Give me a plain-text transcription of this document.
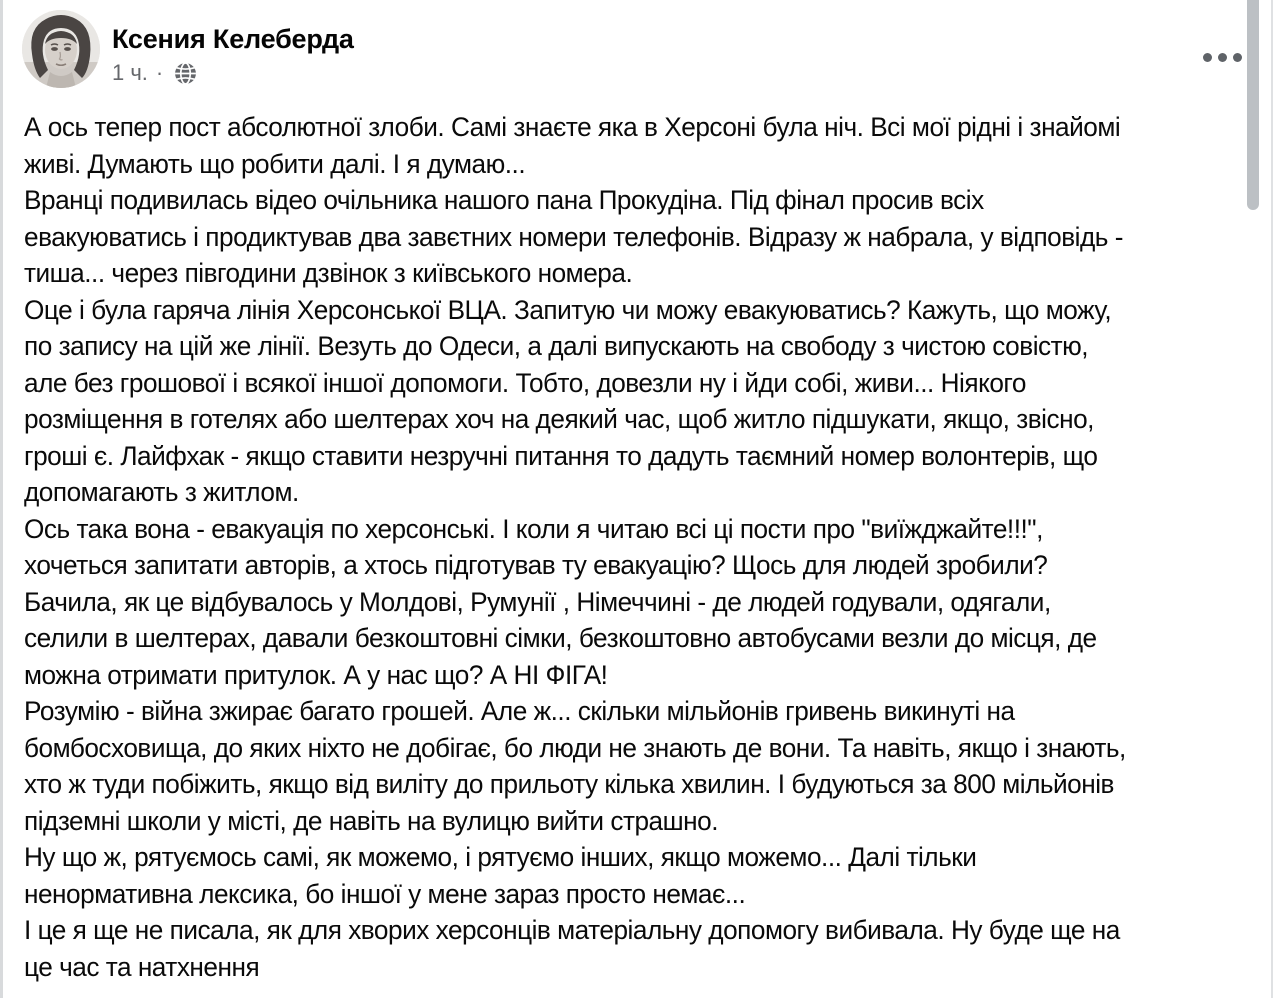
Ксения Келеберда
1 ч. ·
А ось тепер пост абсолютної злоби. Самі знаєте яка в Херсоні була ніч. Всі мої рідні і знайомі
живі. Думають що робити далі. І я думаю...
Вранці подивилась відео очільника нашого пана Прокудіна. Під фінал просив всіх
евакуюватись і продиктував два завєтних номери телефонів. Відразу ж набрала, у відповідь -
тиша... через півгодини дзвінок з київського номера.
Оце і була гаряча лінія Херсонської ВЦА. Запитую чи можу евакуюватись? Кажуть, що можу,
по запису на цій же лінії. Везуть до Одеси, а далі випускають на свободу з чистою совістю,
але без грошової і всякої іншої допомоги. Тобто, довезли ну і йди собі, живи... Ніякого
розміщення в готелях або шелтерах хоч на деякий час, щоб житло підшукати, якщо, звісно,
гроші є. Лайфхак - якщо ставити незручні питання то дадуть таємний номер волонтерів, що
допомагають з житлом.
Ось така вона - евакуація по херсонські. І коли я читаю всі ці пости про "виїжджайте!!!",
хочеться запитати авторів, а хтось підготував ту евакуацію? Щось для людей зробили?
Бачила, як це відбувалось у Молдові, Румунії , Німеччині - де людей годували, одягали,
селили в шелтерах, давали безкоштовні сімки, безкоштовно автобусами везли до місця, де
можна отримати притулок. А у нас що? А НІ ФІГА!
Розумію - війна зжирає багато грошей. Але ж... скільки мільйонів гривень викинуті на
бомбосховища, до яких ніхто не добігає, бо люди не знають де вони. Та навіть, якщо і знають,
хто ж туди побіжить, якщо від виліту до прильоту кілька хвилин. І будуються за 800 мільйонів
підземні школи у місті, де навіть на вулицю вийти страшно.
Ну що ж, рятуємось самі, як можемо, і рятуємо інших, якщо можемо... Далі тільки
ненормативна лексика, бо іншої у мене зараз просто немає...
І це я ще не писала, як для хворих херсонців матеріальну допомогу вибивала. Ну буде ще на
це час та натхнення
